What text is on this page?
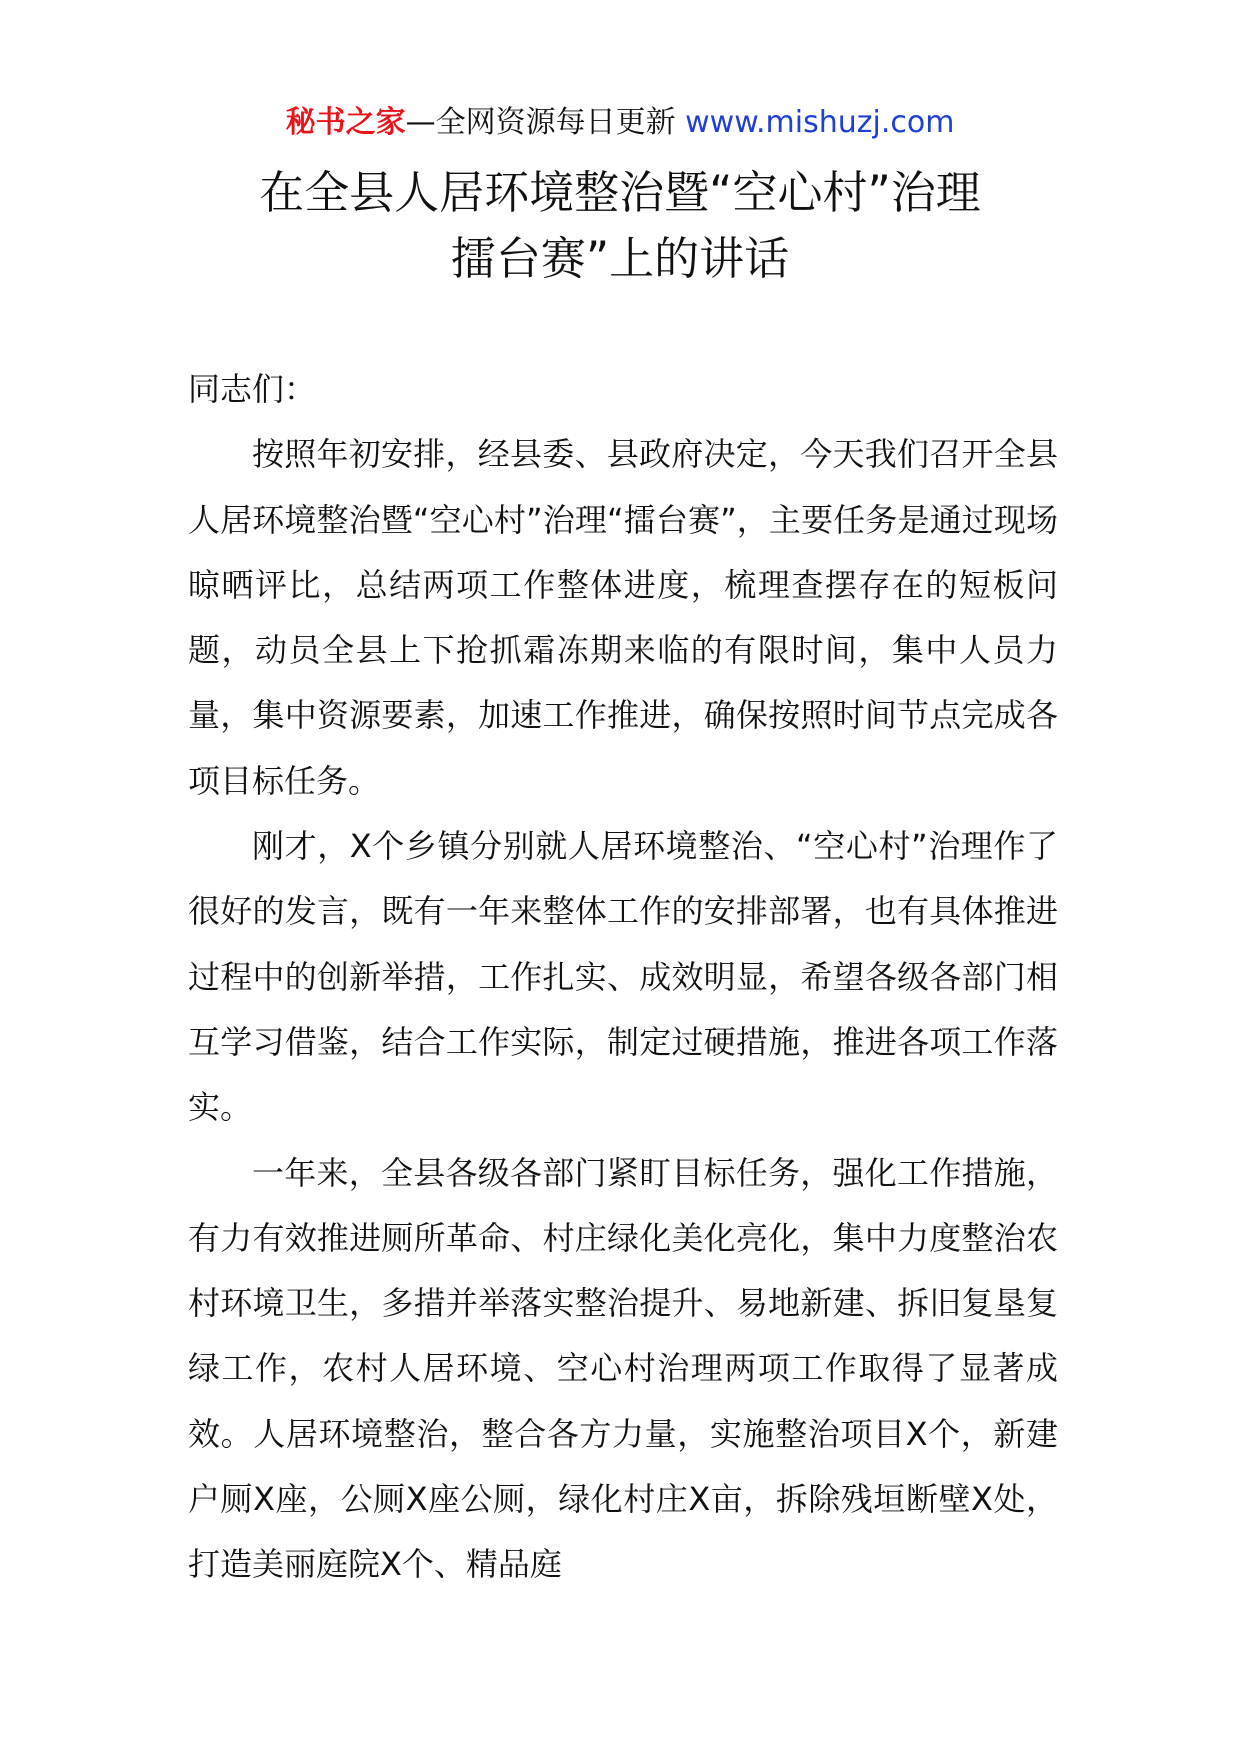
秘书之家—全网资源每日更新 www.mishuzj.com
在全县人居环境整治暨“空心村”治理
擂台赛”上的讲话

同志们：

按照年初安排，经县委、县政府决定，今天我们召开全县人居环境整治暨“空心村”治理“擂台赛”，主要任务是通过现场晾晒评比，总结两项工作整体进度，梳理查摆存在的短板问题，动员全县上下抢抓霜冻期来临的有限时间，集中人员力量，集中资源要素，加速工作推进，确保按照时间节点完成各项目标任务。

刚才，X个乡镇分别就人居环境整治、“空心村”治理作了很好的发言，既有一年来整体工作的安排部署，也有具体推进过程中的创新举措，工作扎实、成效明显，希望各级各部门相互学习借鉴，结合工作实际，制定过硬措施，推进各项工作落实。

一年来，全县各级各部门紧盯目标任务，强化工作措施，有力有效推进厕所革命、村庄绿化美化亮化，集中力度整治农村环境卫生，多措并举落实整治提升、易地新建、拆旧复垦复绿工作，农村人居环境、空心村治理两项工作取得了显著成效。人居环境整治，整合各方力量，实施整治项目X个，新建户厕X座，公厕X座公厕，绿化村庄X亩，拆除残垣断壁X处，打造美丽庭院X个、精品庭
